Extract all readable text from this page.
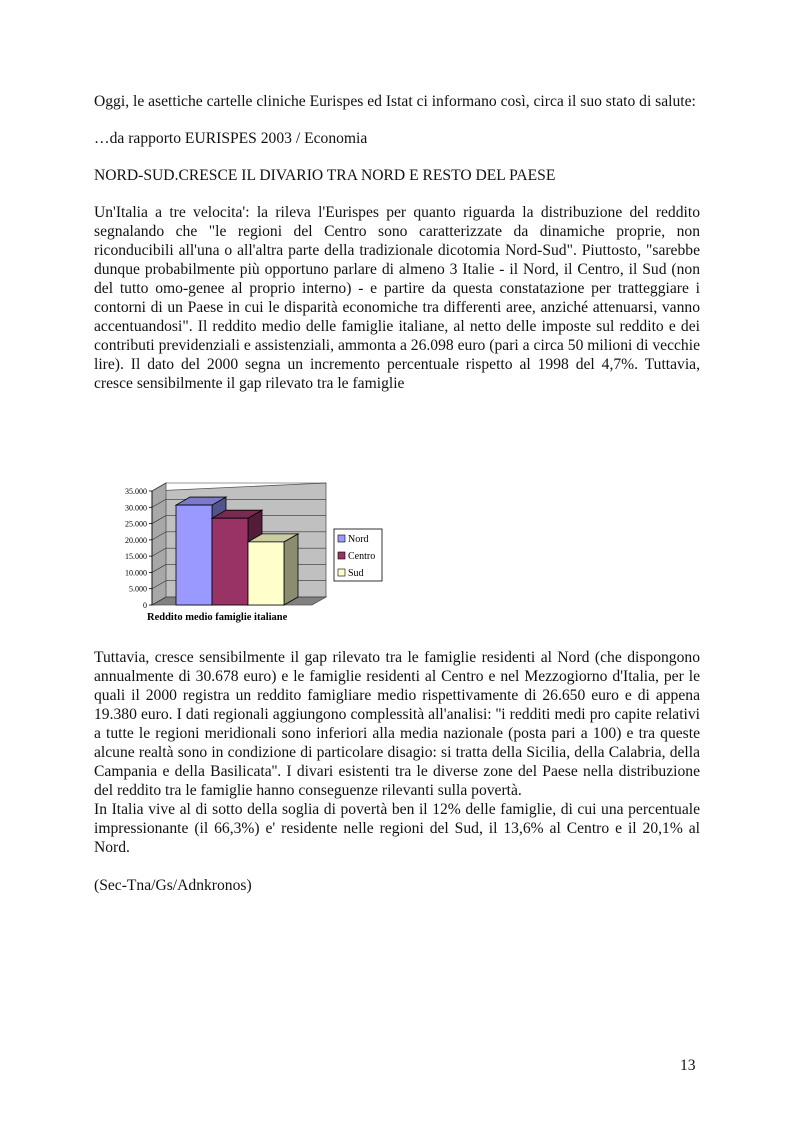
Oggi, le asettiche cartelle cliniche Eurispes ed Istat ci informano così, circa il suo stato di salute:

…da rapporto EURISPES 2003 / Economia

NORD-SUD.CRESCE IL DIVARIO TRA NORD E RESTO DEL PAESE

Un'Italia a tre velocita': la rileva l'Eurispes per quanto riguarda la distribuzione del reddito segnalando che "le regioni del Centro sono caratterizzate da dinamiche proprie, non riconducibili all'una o all'altra parte della tradizionale dicotomia Nord-Sud". Piuttosto, "sarebbe dunque probabilmente più opportuno parlare di almeno 3 Italie - il Nord, il Centro, il Sud (non del tutto omo-genee al proprio interno) - e partire da questa constatazione per tratteggiare i contorni di un Paese in cui le disparità economiche tra differenti aree, anziché attenuarsi, vanno accentuandosi". Il reddito medio delle famiglie italiane, al netto delle imposte sul reddito e dei contributi previdenziali e assistenziali, ammonta a 26.098 euro (pari a circa 50 milioni di vecchie lire). Il dato del 2000 segna un incremento percentuale rispetto al 1998 del 4,7%. Tuttavia, cresce sensibilmente il gap rilevato tra le famiglie

0
5.000
10.000
15.000
20.000
25.000
30.000
35.000
Reddito medio famiglie italiane
Nord
Centro
Sud

Tuttavia, cresce sensibilmente il gap rilevato tra le famiglie residenti al Nord (che dispongono annualmente di 30.678 euro) e le famiglie residenti al Centro e nel Mezzogiorno d'Italia, per le quali il 2000 registra un reddito famigliare medio rispettivamente di 26.650 euro e di appena 19.380 euro. I dati regionali aggiungono complessità all'analisi: ''i redditi medi pro capite relativi a tutte le regioni meridionali sono inferiori alla media nazionale (posta pari a 100) e tra queste alcune realtà sono in condizione di particolare disagio: si tratta della Sicilia, della Calabria, della Campania e della Basilicata''. I divari esistenti tra le diverse zone del Paese nella distribuzione del reddito tra le famiglie hanno conseguenze rilevanti sulla povertà.

In Italia vive al di sotto della soglia di povertà ben il 12% delle famiglie, di cui una percentuale impressionante (il 66,3%) e' residente nelle regioni del Sud, il 13,6% al Centro e il 20,1% al Nord.

(Sec-Tna/Gs/Adnkronos)

13
